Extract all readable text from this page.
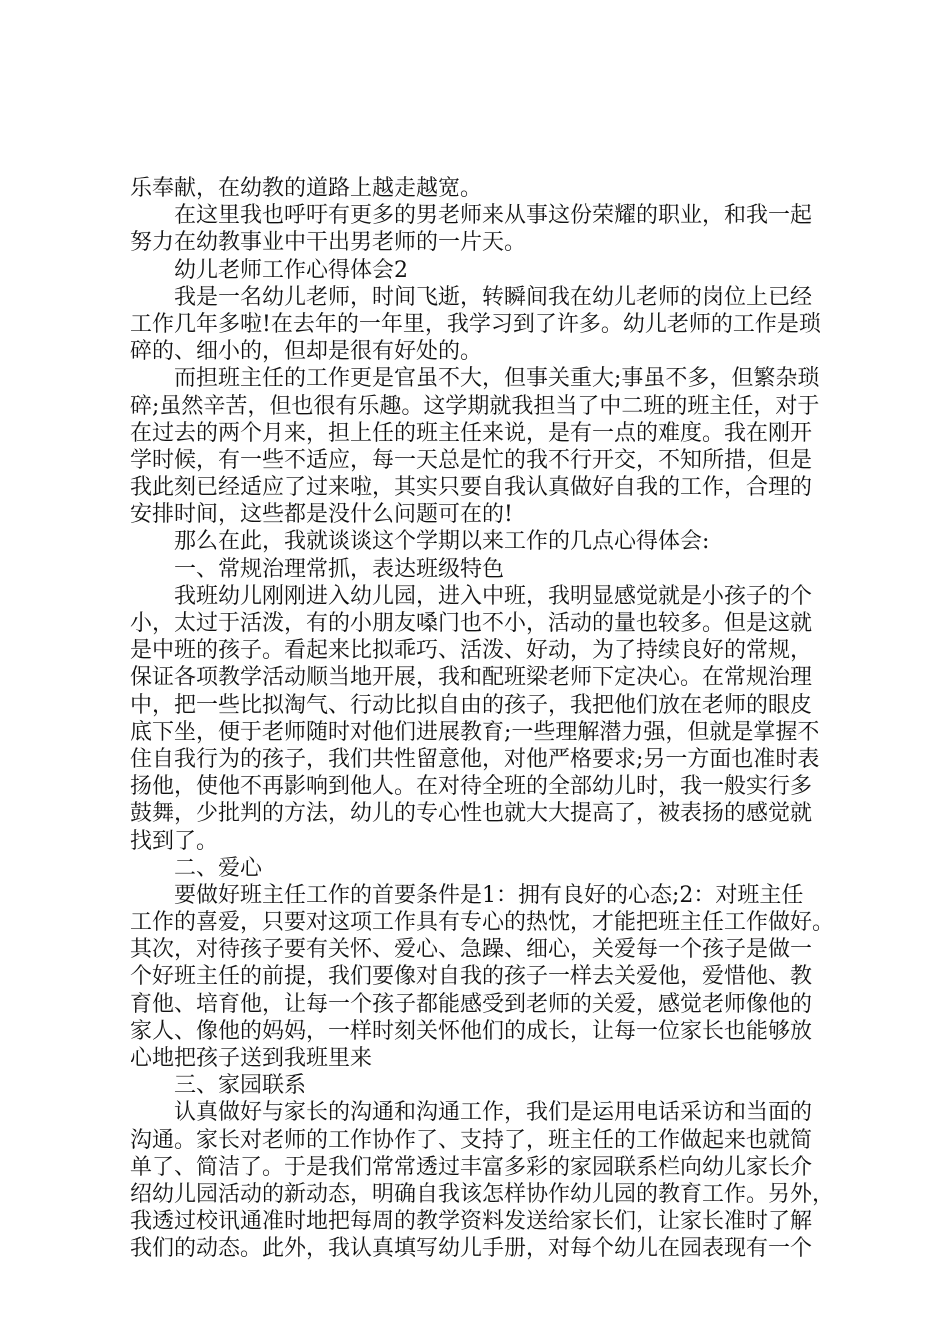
乐奉献，在幼教的道路上越走越宽。
在这里我也呼吁有更多的男老师来从事这份荣耀的职业，和我一起
努力在幼教事业中干出男老师的一片天。
幼儿老师工作心得体会2
我是一名幼儿老师，时间飞逝，转瞬间我在幼儿老师的岗位上已经
工作几年多啦!在去年的一年里，我学习到了许多。幼儿老师的工作是琐
碎的、细小的，但却是很有好处的。
而担班主任的工作更是官虽不大，但事关重大;事虽不多，但繁杂琐
碎;虽然辛苦，但也很有乐趣。这学期就我担当了中二班的班主任，对于
在过去的两个月来，担上任的班主任来说，是有一点的难度。我在刚开
学时候，有一些不适应，每一天总是忙的我不行开交，不知所措，但是
我此刻已经适应了过来啦，其实只要自我认真做好自我的工作，合理的
安排时间，这些都是没什么问题可在的!
那么在此，我就谈谈这个学期以来工作的几点心得体会:
一、常规治理常抓，表达班级特色
我班幼儿刚刚进入幼儿园，进入中班，我明显感觉就是小孩子的个
小，太过于活泼，有的小朋友嗓门也不小，活动的量也较多。但是这就
是中班的孩子。看起来比拟乖巧、活泼、好动，为了持续良好的常规，
保证各项教学活动顺当地开展，我和配班梁老师下定决心。在常规治理
中，把一些比拟淘气、行动比拟自由的孩子，我把他们放在老师的眼皮
底下坐，便于老师随时对他们进展教育;一些理解潜力强，但就是掌握不
住自我行为的孩子，我们共性留意他，对他严格要求;另一方面也准时表
扬他，使他不再影响到他人。在对待全班的全部幼儿时，我一般实行多
鼓舞，少批判的方法，幼儿的专心性也就大大提高了，被表扬的感觉就
找到了。
二、爱心
要做好班主任工作的首要条件是1：拥有良好的心态;2：对班主任
工作的喜爱，只要对这项工作具有专心的热忱，才能把班主任工作做好。
其次，对待孩子要有关怀、爱心、急躁、细心，关爱每一个孩子是做一
个好班主任的前提，我们要像对自我的孩子一样去关爱他，爱惜他、教
育他、培育他，让每一个孩子都能感受到老师的关爱，感觉老师像他的
家人、像他的妈妈，一样时刻关怀他们的成长，让每一位家长也能够放
心地把孩子送到我班里来
三、家园联系
认真做好与家长的沟通和沟通工作，我们是运用电话采访和当面的
沟通。家长对老师的工作协作了、支持了，班主任的工作做起来也就简
单了、简洁了。于是我们常常透过丰富多彩的家园联系栏向幼儿家长介
绍幼儿园活动的新动态，明确自我该怎样协作幼儿园的教育工作。另外，
我透过校讯通准时地把每周的教学资料发送给家长们，让家长准时了解
我们的动态。此外，我认真填写幼儿手册，对每个幼儿在园表现有一个
